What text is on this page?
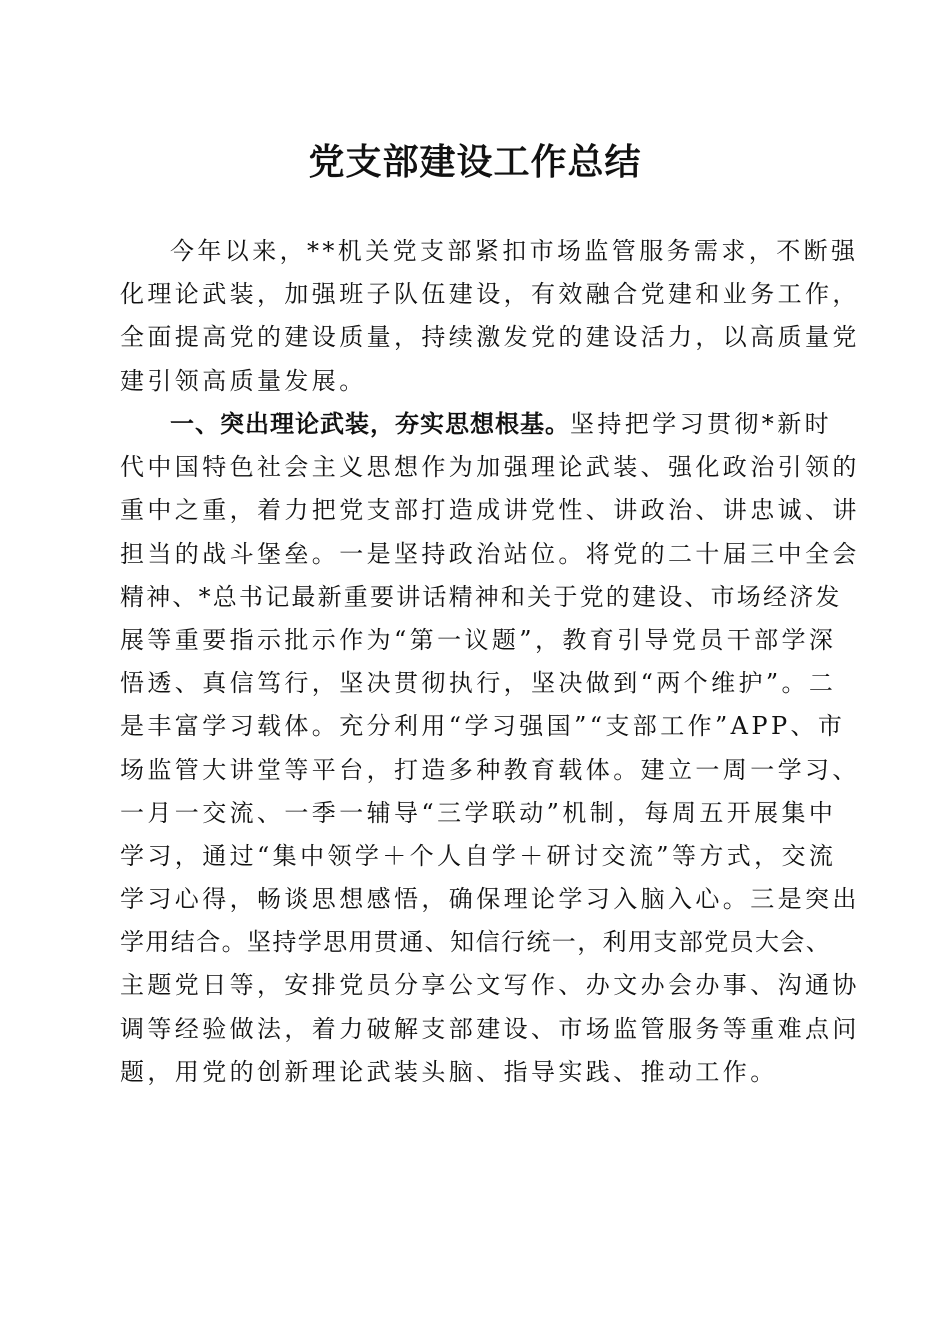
党支部建设工作总结
今年以来，**机关党支部紧扣市场监管服务需求，不断强
化理论武装，加强班子队伍建设，有效融合党建和业务工作，
全面提高党的建设质量，持续激发党的建设活力，以高质量党
建引领高质量发展。
一、突出理论武装，夯实思想根基。坚持把学习贯彻*新时
代中国特色社会主义思想作为加强理论武装、强化政治引领的
重中之重，着力把党支部打造成讲党性、讲政治、讲忠诚、讲
担当的战斗堡垒。一是坚持政治站位。将党的二十届三中全会
精神、*总书记最新重要讲话精神和关于党的建设、市场经济发
展等重要指示批示作为“第一议题”，教育引导党员干部学深
悟透、真信笃行，坚决贯彻执行，坚决做到“两个维护”。二
是丰富学习载体。充分利用“学习强国”“支部工作”APP、市
场监管大讲堂等平台，打造多种教育载体。建立一周一学习、
一月一交流、一季一辅导“三学联动”机制，每周五开展集中
学习，通过“集中领学＋个人自学＋研讨交流”等方式，交流
学习心得，畅谈思想感悟，确保理论学习入脑入心。三是突出
学用结合。坚持学思用贯通、知信行统一，利用支部党员大会、
主题党日等，安排党员分享公文写作、办文办会办事、沟通协
调等经验做法，着力破解支部建设、市场监管服务等重难点问
题，用党的创新理论武装头脑、指导实践、推动工作。
